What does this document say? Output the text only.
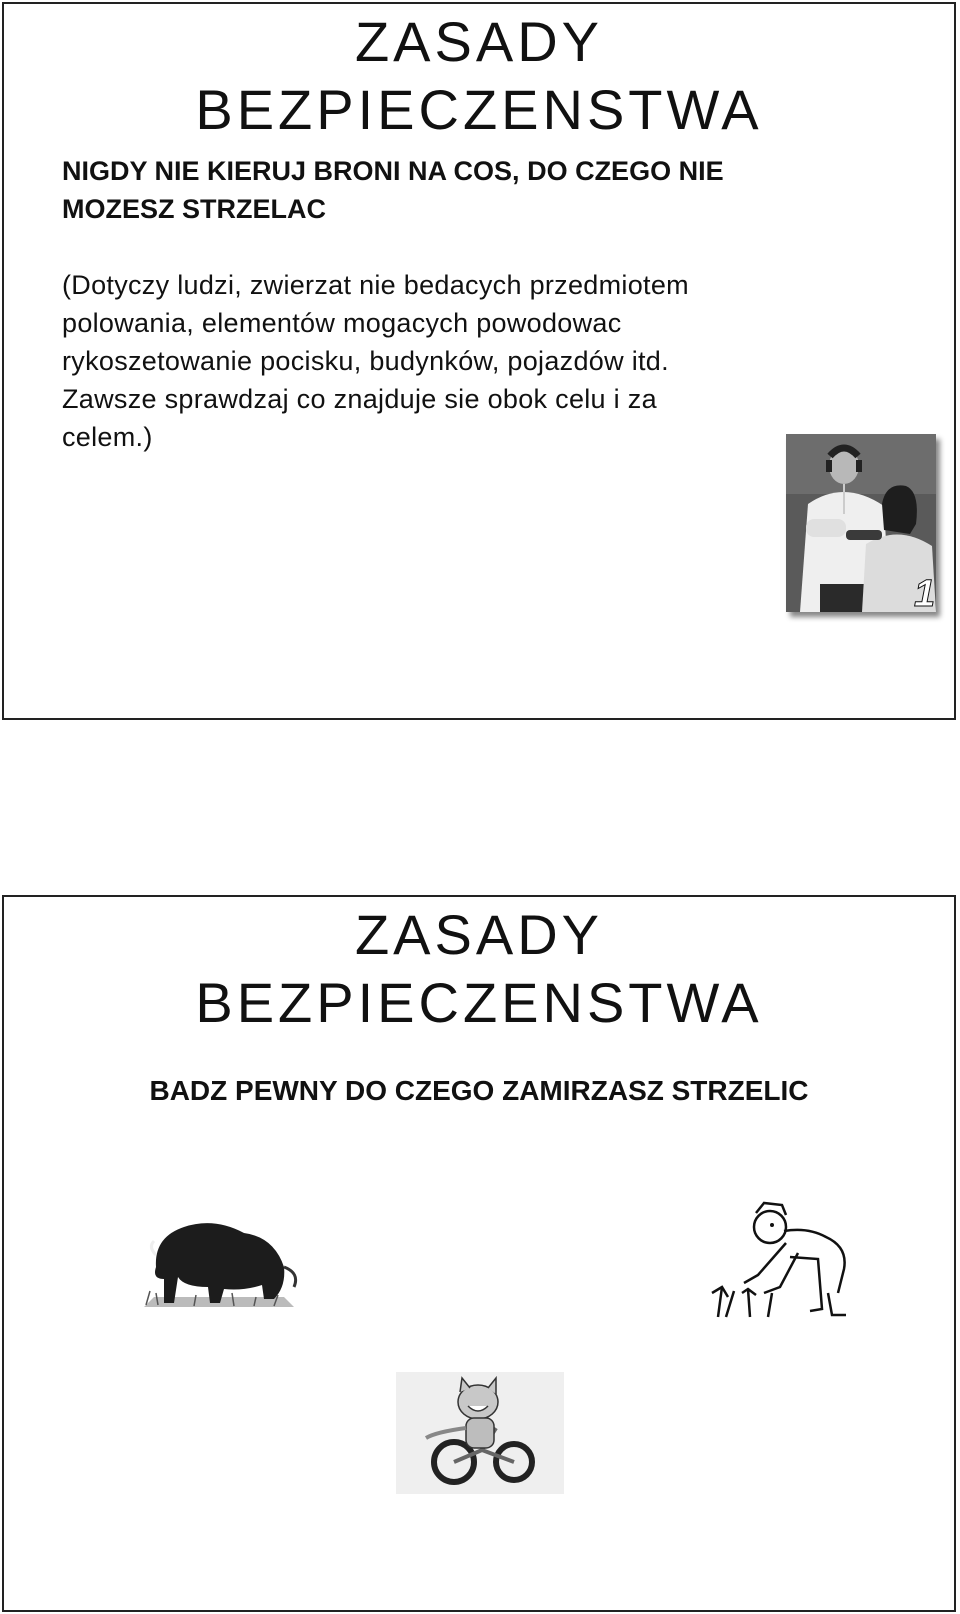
ZASADY
BEZPIECZENSTWA
NIGDY NIE KIERUJ BRONI NA COS, DO CZEGO NIE
MOZESZ STRZELAC
(Dotyczy ludzi, zwierzat nie bedacych przedmiotem
polowania, elementów mogacych powodowac
rykoszetowanie pocisku, budynków, pojazdów itd.
Zawsze sprawdzaj co znajduje sie obok celu i za
celem.)
1
ZASADY
BEZPIECZENSTWA
BADZ PEWNY DO CZEGO ZAMIRZASZ STRZELIC
